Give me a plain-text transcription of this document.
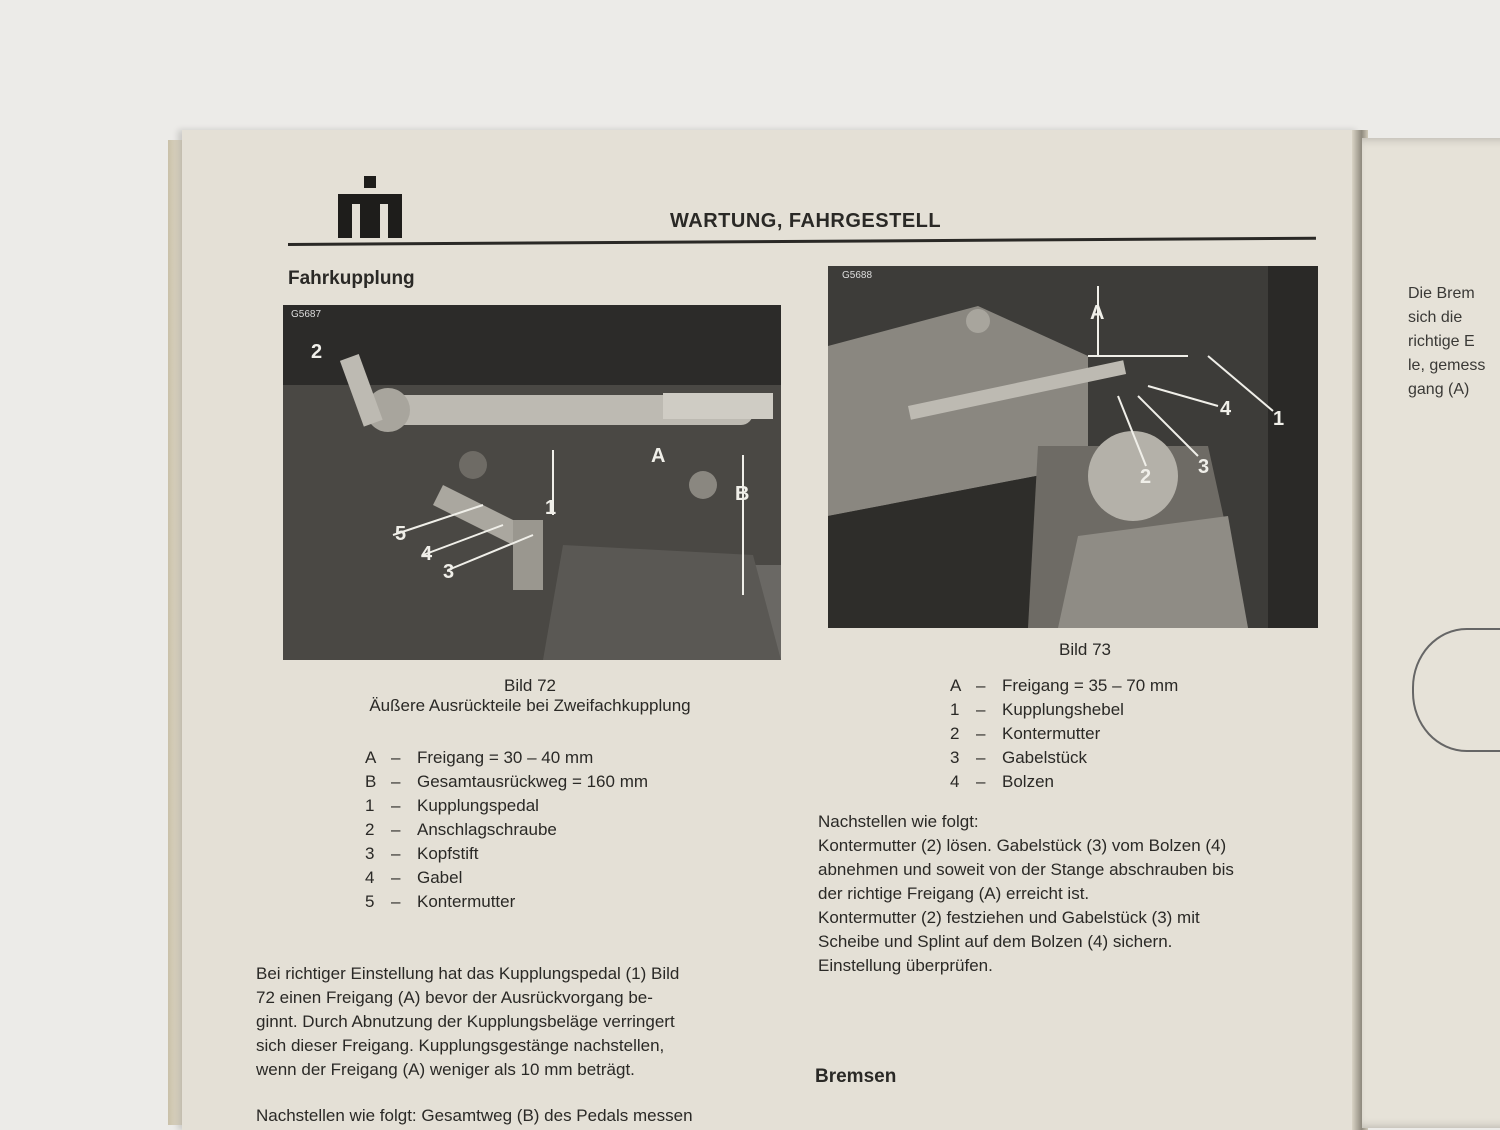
WARTUNG, FAHRGESTELL
Fahrkupplung
G5687
2
1
A
B
5
4
3
Bild 72
Äußere Ausrückteile bei Zweifachkupplung
A – Freigang = 30 – 40 mm
B – Gesamtausrückweg = 160 mm
1 – Kupplungspedal
2 – Anschlagschraube
3 – Kopfstift
4 – Gabel
5 – Kontermutter

Bei richtiger Einstellung hat das Kupplungspedal (1) Bild

72 einen Freigang (A) bevor der Ausrückvorgang be-

ginnt. Durch Abnutzung der Kupplungsbeläge verringert

sich dieser Freigang. Kupplungsgestänge nachstellen,

wenn der Freigang (A) weniger als 10 mm beträgt.

Nachstellen wie folgt: Gesamtweg (B) des Pedals messen
G5688
A
1
4
3
2
Bild 73
A – Freigang = 35 – 70 mm
1 – Kupplungshebel
2 – Kontermutter
3 – Gabelstück
4 – Bolzen

Nachstellen wie folgt:

Kontermutter (2) lösen. Gabelstück (3) vom Bolzen (4)

abnehmen und soweit von der Stange abschrauben bis

der richtige Freigang (A) erreicht ist.

Kontermutter (2) festziehen und Gabelstück (3) mit

Scheibe und Splint auf dem Bolzen (4) sichern.

Einstellung überprüfen.

Bremsen
Die Brem
sich die
richtige E
le, gemess
gang (A)
